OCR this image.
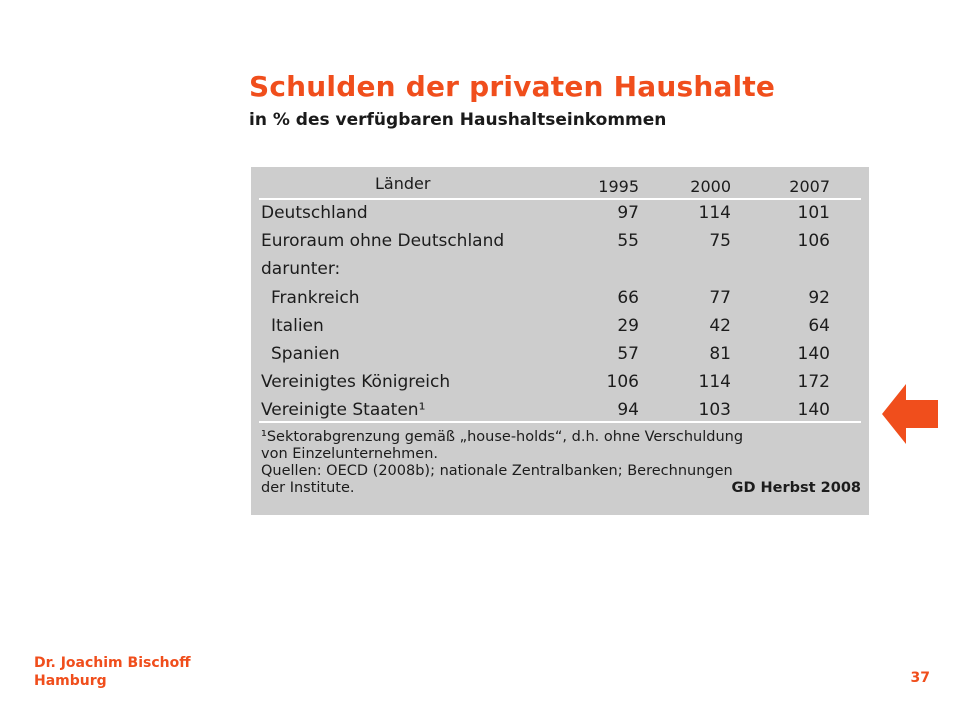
Schulden der privaten Haushalte

in % des verfügbaren Haushaltseinkommen

Länder	1995	2000	2007
Deutschland	97	114	101
Euroraum ohne Deutschland	55	75	106
darunter:
Frankreich	66	77	92
Italien	29	42	64
Spanien	57	81	140
Vereinigtes Königreich	106	114	172
Vereinigte Staaten¹	94	103	140
¹Sektorabgrenzung gemäß „house-holds“, d.h. ohne Verschuldung
von Einzelunternehmen.
Quellen: OECD (2008b); nationale Zentralbanken; Berechnungen
der Institute.	GD Herbst 2008
Dr. Joachim Bischoff
Hamburg	37
